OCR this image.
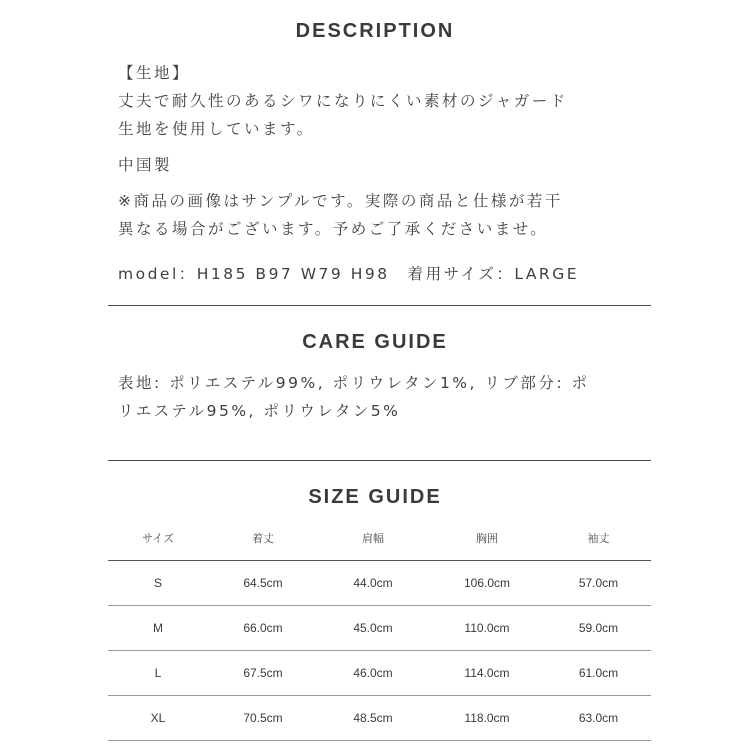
DESCRIPTION

【生地】

丈夫で耐久性のあるシワになりにくい素材のジャガード

生地を使用しています。

中国製

※商品の画像はサンプルです。実際の商品と仕様が若干

異なる場合がございます。予めご了承くださいませ。

model：H185 B97 W79 H98　着用サイズ：LARGE

CARE GUIDE

表地: ポリエステル99%, ポリウレタン1%, リブ部分: ポ

リエステル95%, ポリウレタン5%

SIZE GUIDE
サイズ	着丈	肩幅	胸囲	袖丈
S	64.5cm	44.0cm	106.0cm	57.0cm
M	66.0cm	45.0cm	110.0cm	59.0cm
L	67.5cm	46.0cm	114.0cm	61.0cm
XL	70.5cm	48.5cm	118.0cm	63.0cm
